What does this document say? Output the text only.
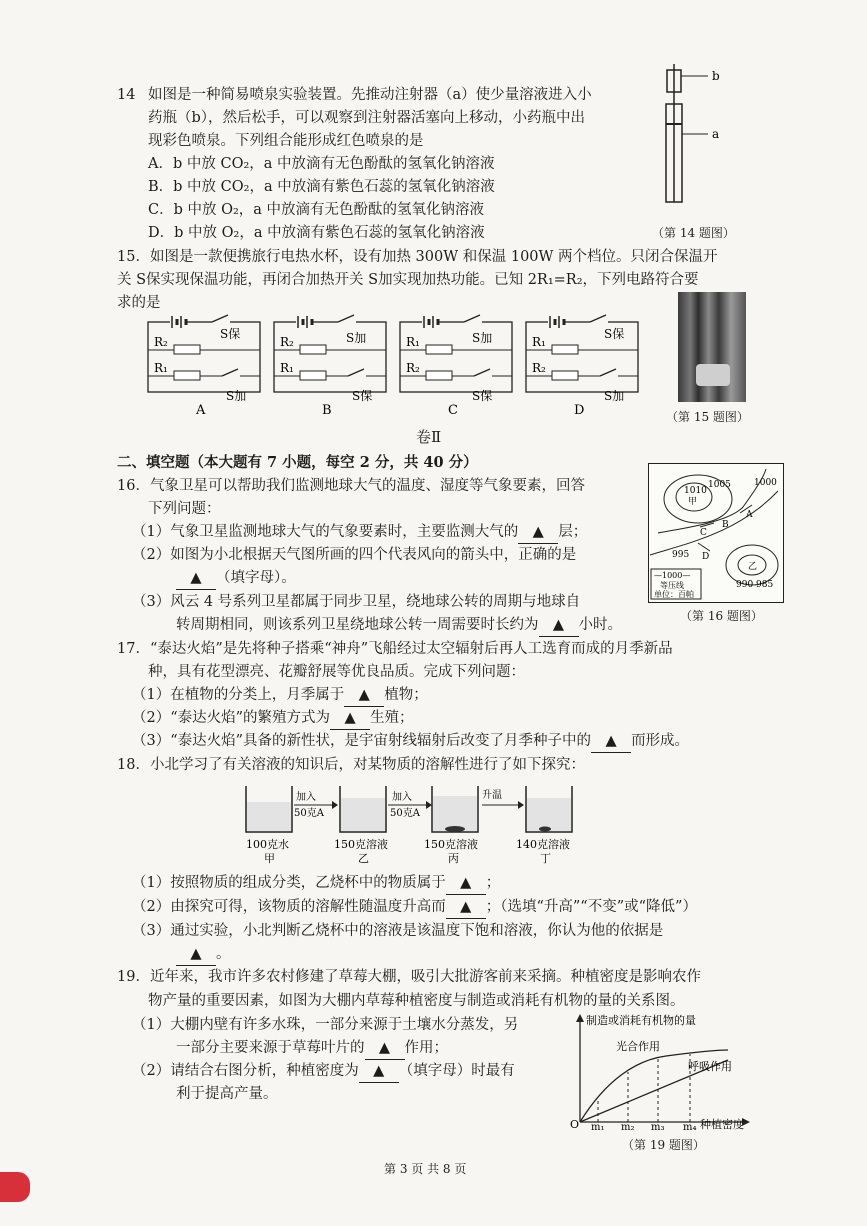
14 如图是一种简易喷泉实验装置。先推动注射器（a）使少量溶液进入小
药瓶（b），然后松手，可以观察到注射器活塞向上移动，小药瓶中出
现彩色喷泉。下列组合能形成红色喷泉的是
A．b 中放 CO₂，a 中放滴有无色酚酞的氢氧化钠溶液
B．b 中放 CO₂，a 中放滴有紫色石蕊的氢氧化钠溶液
C．b 中放 O₂，a 中放滴有无色酚酞的氢氧化钠溶液
D．b 中放 O₂，a 中放滴有紫色石蕊的氢氧化钠溶液
b
a
（第 14 题图）
15．如图是一款便携旅行电热水杯，设有加热 300W 和保温 100W 两个档位。只闭合保温开
关 S保实现保温功能，再闭合加热开关 S加实现加热功能。已知 2R₁=R₂，下列电路符合要
求的是
R₂
R₁
S保
S加
A
R₂
R₁
S加
S保
B
R₁
R₂
S加
S保
C
R₁
R₂
S保
S加
D	（第 15 题图）
卷Ⅱ
二、填空题（本大题有 7 小题，每空 2 分，共 40 分）
16．气象卫星可以帮助我们监测地球大气的温度、湿度等气象要素，回答
下列问题：
（1）气象卫星监测地球大气的气象要素时，主要监测大气的 ▲ 层；
（2）如图为小北根据天气图所画的四个代表风向的箭头中，正确的是
▲ （填字母）。
（3）风云 4 号系列卫星都属于同步卫星，绕地球公转的周期与地球自
转周期相同，则该系列卫星绕地球公转一周需要时长约为 ▲ 小时。
1010
甲
1005	1000
A
B
C
995 D
乙
990 985
—1000—
等压线
单位：百帕
（第 16 题图）
17．“泰达火焰”是先将种子搭乘“神舟”飞船经过太空辐射后再人工选育而成的月季新品
种，具有花型漂亮、花瓣舒展等优良品质。完成下列问题：
（1）在植物的分类上，月季属于 ▲ 植物；
（2）“泰达火焰”的繁殖方式为 ▲ 生殖；
（3）“泰达火焰”具备的新性状，是宇宙射线辐射后改变了月季种子中的 ▲ 而形成。
18．小北学习了有关溶液的知识后，对某物质的溶解性进行了如下探究：
加入
50克A
加入
50克A
升温
100克水
甲
150克溶液
乙
150克溶液
丙
140克溶液
丁
（1）按照物质的组成分类，乙烧杯中的物质属于 ▲ ；
（2）由探究可得，该物质的溶解性随温度升高而 ▲ ；（选填“升高”“不变”或“降低”）
（3）通过实验，小北判断乙烧杯中的溶液是该温度下饱和溶液，你认为他的依据是
▲ 。
19．近年来，我市许多农村修建了草莓大棚，吸引大批游客前来采摘。种植密度是影响农作
物产量的重要因素，如图为大棚内草莓种植密度与制造或消耗有机物的量的关系图。
（1）大棚内壁有许多水珠，一部分来源于土壤水分蒸发，另
一部分主要来源于草莓叶片的 ▲ 作用；
（2）请结合右图分析，种植密度为 ▲ （填字母）时最有
利于提高产量。
制造或消耗有机物的量
光合作用
呼吸作用
O m₁ m₂ m₃ m₄ 种植密度
（第 19 题图）
第 3 页 共 8 页
